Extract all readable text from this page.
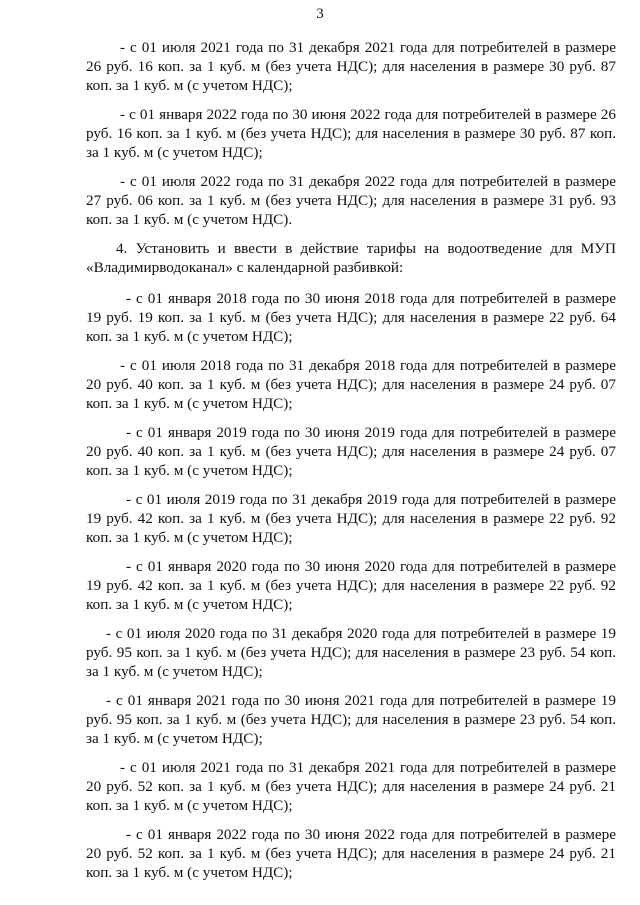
3

- с 01 июля 2021 года по 31 декабря 2021 года для потребителей в размере 26 руб. 16 коп. за 1 куб. м (без учета НДС); для населения в размере 30 руб. 87 коп. за 1 куб. м (с учетом НДС);

- с 01 января 2022 года по 30 июня 2022 года для потребителей в размере 26 руб. 16 коп. за 1 куб. м (без учета НДС); для населения в размере 30 руб. 87 коп. за 1 куб. м (с учетом НДС);

- с 01 июля 2022 года по 31 декабря 2022 года для потребителей в размере 27 руб. 06 коп. за 1 куб. м (без учета НДС); для населения в размере 31 руб. 93 коп. за 1 куб. м (с учетом НДС).

4. Установить и ввести в действие тарифы на водоотведение для МУП «Владимирводоканал» с календарной разбивкой:

- с 01 января 2018 года по 30 июня 2018 года для потребителей в размере 19 руб. 19 коп. за 1 куб. м (без учета НДС); для населения в размере 22 руб. 64 коп. за 1 куб. м (с учетом НДС);

- с 01 июля 2018 года по 31 декабря 2018 года для потребителей в размере 20 руб. 40 коп. за 1 куб. м (без учета НДС); для населения в размере 24 руб. 07 коп. за 1 куб. м (с учетом НДС);

- с 01 января 2019 года по 30 июня 2019 года для потребителей в размере 20 руб. 40 коп. за 1 куб. м (без учета НДС); для населения в размере 24 руб. 07 коп. за 1 куб. м (с учетом НДС);

- с 01 июля 2019 года по 31 декабря 2019 года для потребителей в размере 19 руб. 42 коп. за 1 куб. м (без учета НДС); для населения в размере 22 руб. 92 коп. за 1 куб. м (с учетом НДС);

- с 01 января 2020 года по 30 июня 2020 года для потребителей в размере 19 руб. 42 коп. за 1 куб. м (без учета НДС); для населения в размере 22 руб. 92 коп. за 1 куб. м (с учетом НДС);

- с 01 июля 2020 года по 31 декабря 2020 года для потребителей в размере 19 руб. 95 коп. за 1 куб. м (без учета НДС); для населения в размере 23 руб. 54 коп. за 1 куб. м (с учетом НДС);

- с 01 января 2021 года по 30 июня 2021 года для потребителей в размере 19 руб. 95 коп. за 1 куб. м (без учета НДС); для населения в размере 23 руб. 54 коп. за 1 куб. м (с учетом НДС);

- с 01 июля 2021 года по 31 декабря 2021 года для потребителей в размере 20 руб. 52 коп. за 1 куб. м (без учета НДС); для населения в размере 24 руб. 21 коп. за 1 куб. м (с учетом НДС);

- с 01 января 2022 года по 30 июня 2022 года для потребителей в размере 20 руб. 52 коп. за 1 куб. м (без учета НДС); для населения в размере 24 руб. 21 коп. за 1 куб. м (с учетом НДС);
